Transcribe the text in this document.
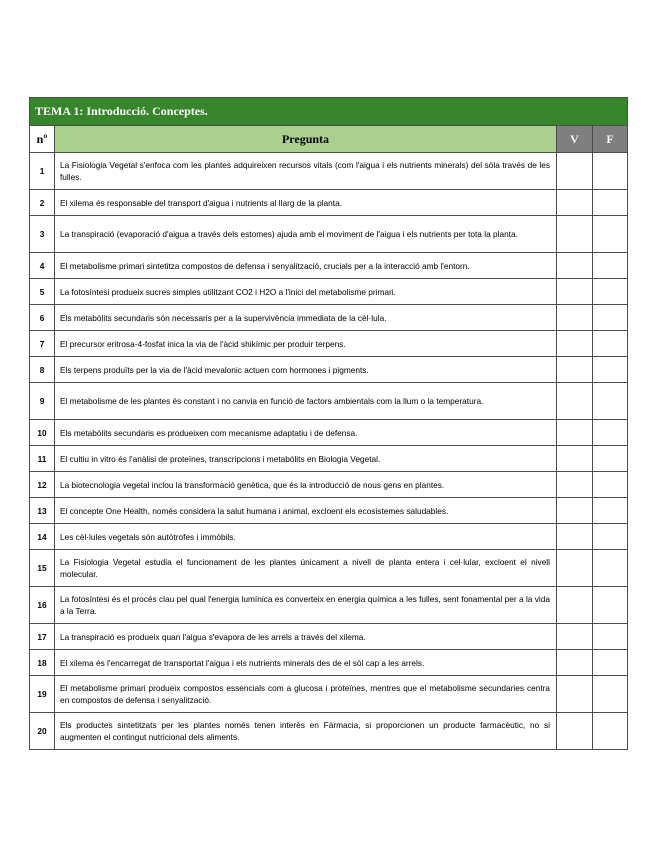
TEMA 1: Introducció. Conceptes.			
nº	Pregunta	V	F
1	La Fisiologia Vegetal s'enfoca com les plantes adquireixen recursos vitals (com l'aigua i els nutrients minerals) del sòla través de les fulles.		
2	El xilema és responsable del transport d'aigua i nutrients al llarg de la planta.		
3	La transpiració (evaporació d'aigua a través dels estomes) ajuda amb el moviment de l'aigua i els nutrients per tota la planta.		
4	El metabolisme primari sintetitza compostos de defensa i senyalització, crucials per a la interacció amb l'entorn.		
5	La fotosíntesi produeix sucres simples utilitzant CO2 i H2O a l'inici del metabolisme primari.		
6	Els metabòlits secundaris són necessaris per a la supervivència immediata de la cèl·lula.		
7	El precursor eritrosa-4-fosfat inica la via de l'àcid shikímic per produir terpens.		
8	Els terpens produïts per la via de l'àcid mevalonic actuen com hormones i pigments.		
9	El metabolisme de les plantes és constant i no canvia en funció de factors ambientals com la llum o la temperatura.		
10	Els metabòlits secundaris es produeixen com mecanisme adaptatiu i de defensa.		
11	El cultiu in vitro és l'anàlisi de proteïnes, transcripcions i metabòlits en Biologia Vegetal.		
12	La biotecnologia vegetal inclou la transformació genètica, que és la introducció de nous gens en plantes.		
13	El concepte One Health, només considera la salut humana i animal, excloent els ecosistemes saludables.		
14	Les cèl·lules vegetals són autòtrofes i immòbils.		
15	La Fisiologia Vegetal estudia el funcionament de les plantes únicament a nivell de planta entera i cel·lular, excloent el nivell molecular.		
16	La fotosíntesi és el procés clau pel qual l'energia lumínica es converteix en energia química a les fulles, sent fonamental per a la vida a la Terra.		
17	La transpiració es produeix quan l'aigua s'evapora de les arrels a través del xilema.		
18	El xilema és l'encarregat de transportat l'aigua i els nutrients minerals des de el sòl cap a les arrels.		
19	El metabolisme primari produeix compostos essencials com a glucosa i proteïnes, mentres que el metabolisme secundaries centra en compostos de defensa i senyalització.		
20	Els productes sintetitzats per les plantes només tenen interès en Fàrmacia, si proporcionen un producte farmacèutic, no si augmenten el contingut nutricional dels aliments.		
